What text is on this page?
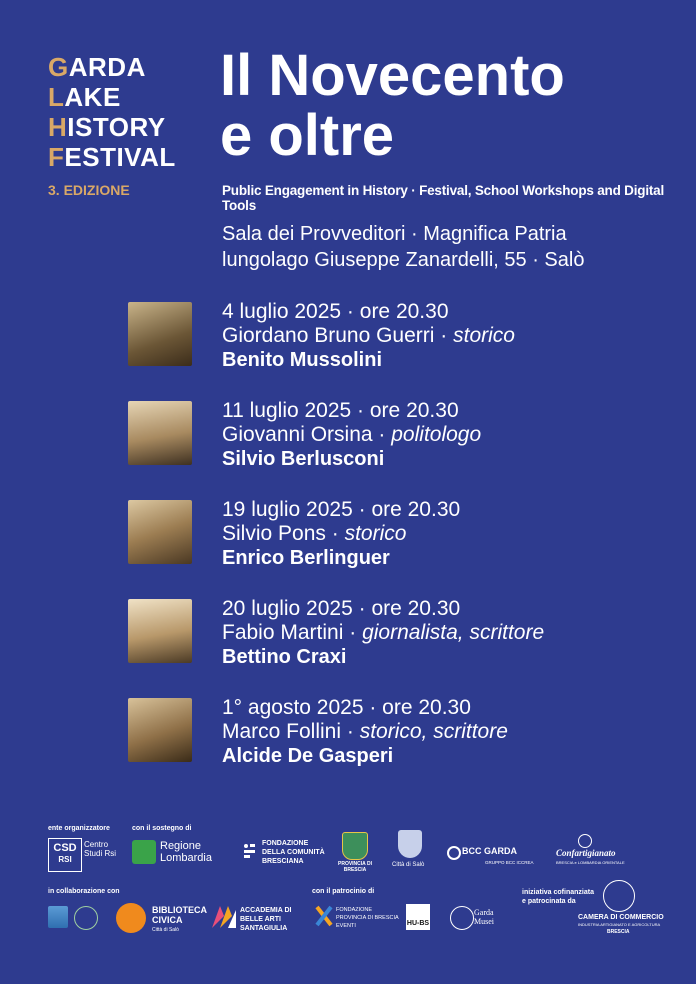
GARDA
LAKE
HISTORY
FESTIVAL
3. EDIZIONE
Il Novecento
e oltre
Public Engagement in History · Festival, School Workshops and Digital Tools
Sala dei Provveditori · Magnifica Patria
lungolago Giuseppe Zanardelli, 55 · Salò
4 luglio 2025 · ore 20.30
Giordano Bruno Guerri · storico
Benito Mussolini
11 luglio 2025 · ore 20.30
Giovanni Orsina · politologo
Silvio Berlusconi
19 luglio 2025 · ore 20.30
Silvio Pons · storico
Enrico Berlinguer
20 luglio 2025 · ore 20.30
Fabio Martini · giornalista, scrittore
Bettino Craxi
1° agosto 2025 · ore 20.30
Marco Follini · storico, scrittore
Alcide De Gasperi
ente organizzatore	con il sostegno di
CSD
RSI
Centro Studi Rsi
Regione Lombardia
FONDAZIONE DELLA COMUNITÀ BRESCIANA	PROVINCIA DI BRESCIA
Città di Salò
BCC GARDA
GRUPPO BCC ICCREA
Confartigianato
BRESCIA e LOMBARDIA ORIENTALE
in collaborazione con	con il patrocinio di	iniziativa cofinanziata e patrocinata da
BIBLIOTECA CIVICA
Città di Salò
ACCADEMIA DI BELLE ARTI SANTAGIULIA
FONDAZIONE PROVINCIA DI BRESCIA EVENTI	HU-BS
Garda Musei	CAMERA DI COMMERCIO
INDUSTRIA ARTIGIANATO E AGRICOLTURA
BRESCIA
